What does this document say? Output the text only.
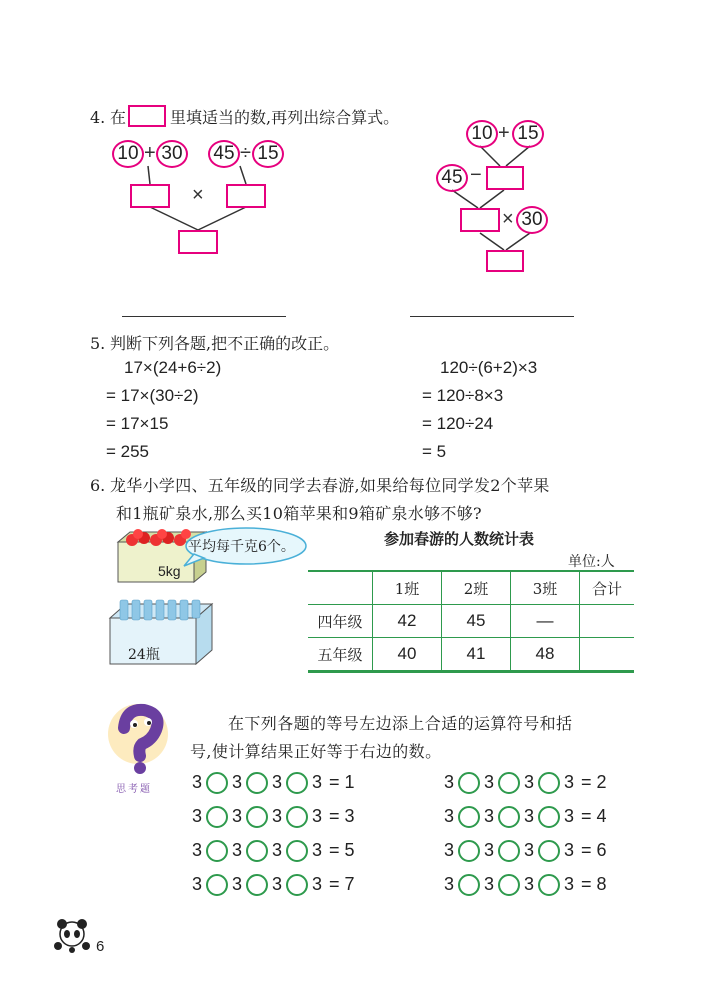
4. 在	里填适当的数,再列出综合算式。
10 + 30 45 ÷ 15
×
10 + 15
45 −
× 30
5. 判断下列各题,把不正确的改正。
17×(24+6÷2)
= 17×(30÷2)
= 17×15
= 255
120÷(6+2)×3
= 120÷8×3
= 120÷24
= 5
6. 龙华小学四、五年级的同学去春游,如果给每位同学发2个苹果
和1瓶矿泉水,那么买10箱苹果和9箱矿泉水够不够?
5kg
平均每千克6个。
24瓶
参加春游的人数统计表
单位:人
	1班	2班	3班	合计
四年级	42	45	—	
五年级	40	41	48	
思考题
在下列各题的等号左边添上合适的运算符号和括
号,使计算结果正好等于右边的数。
3 3 3 3 = 1
3 3 3 3 = 3
3 3 3 3 = 5
3 3 3 3 = 7
3 3 3 3 = 2
3 3 3 3 = 4
3 3 3 3 = 6
3 3 3 3 = 8
6
